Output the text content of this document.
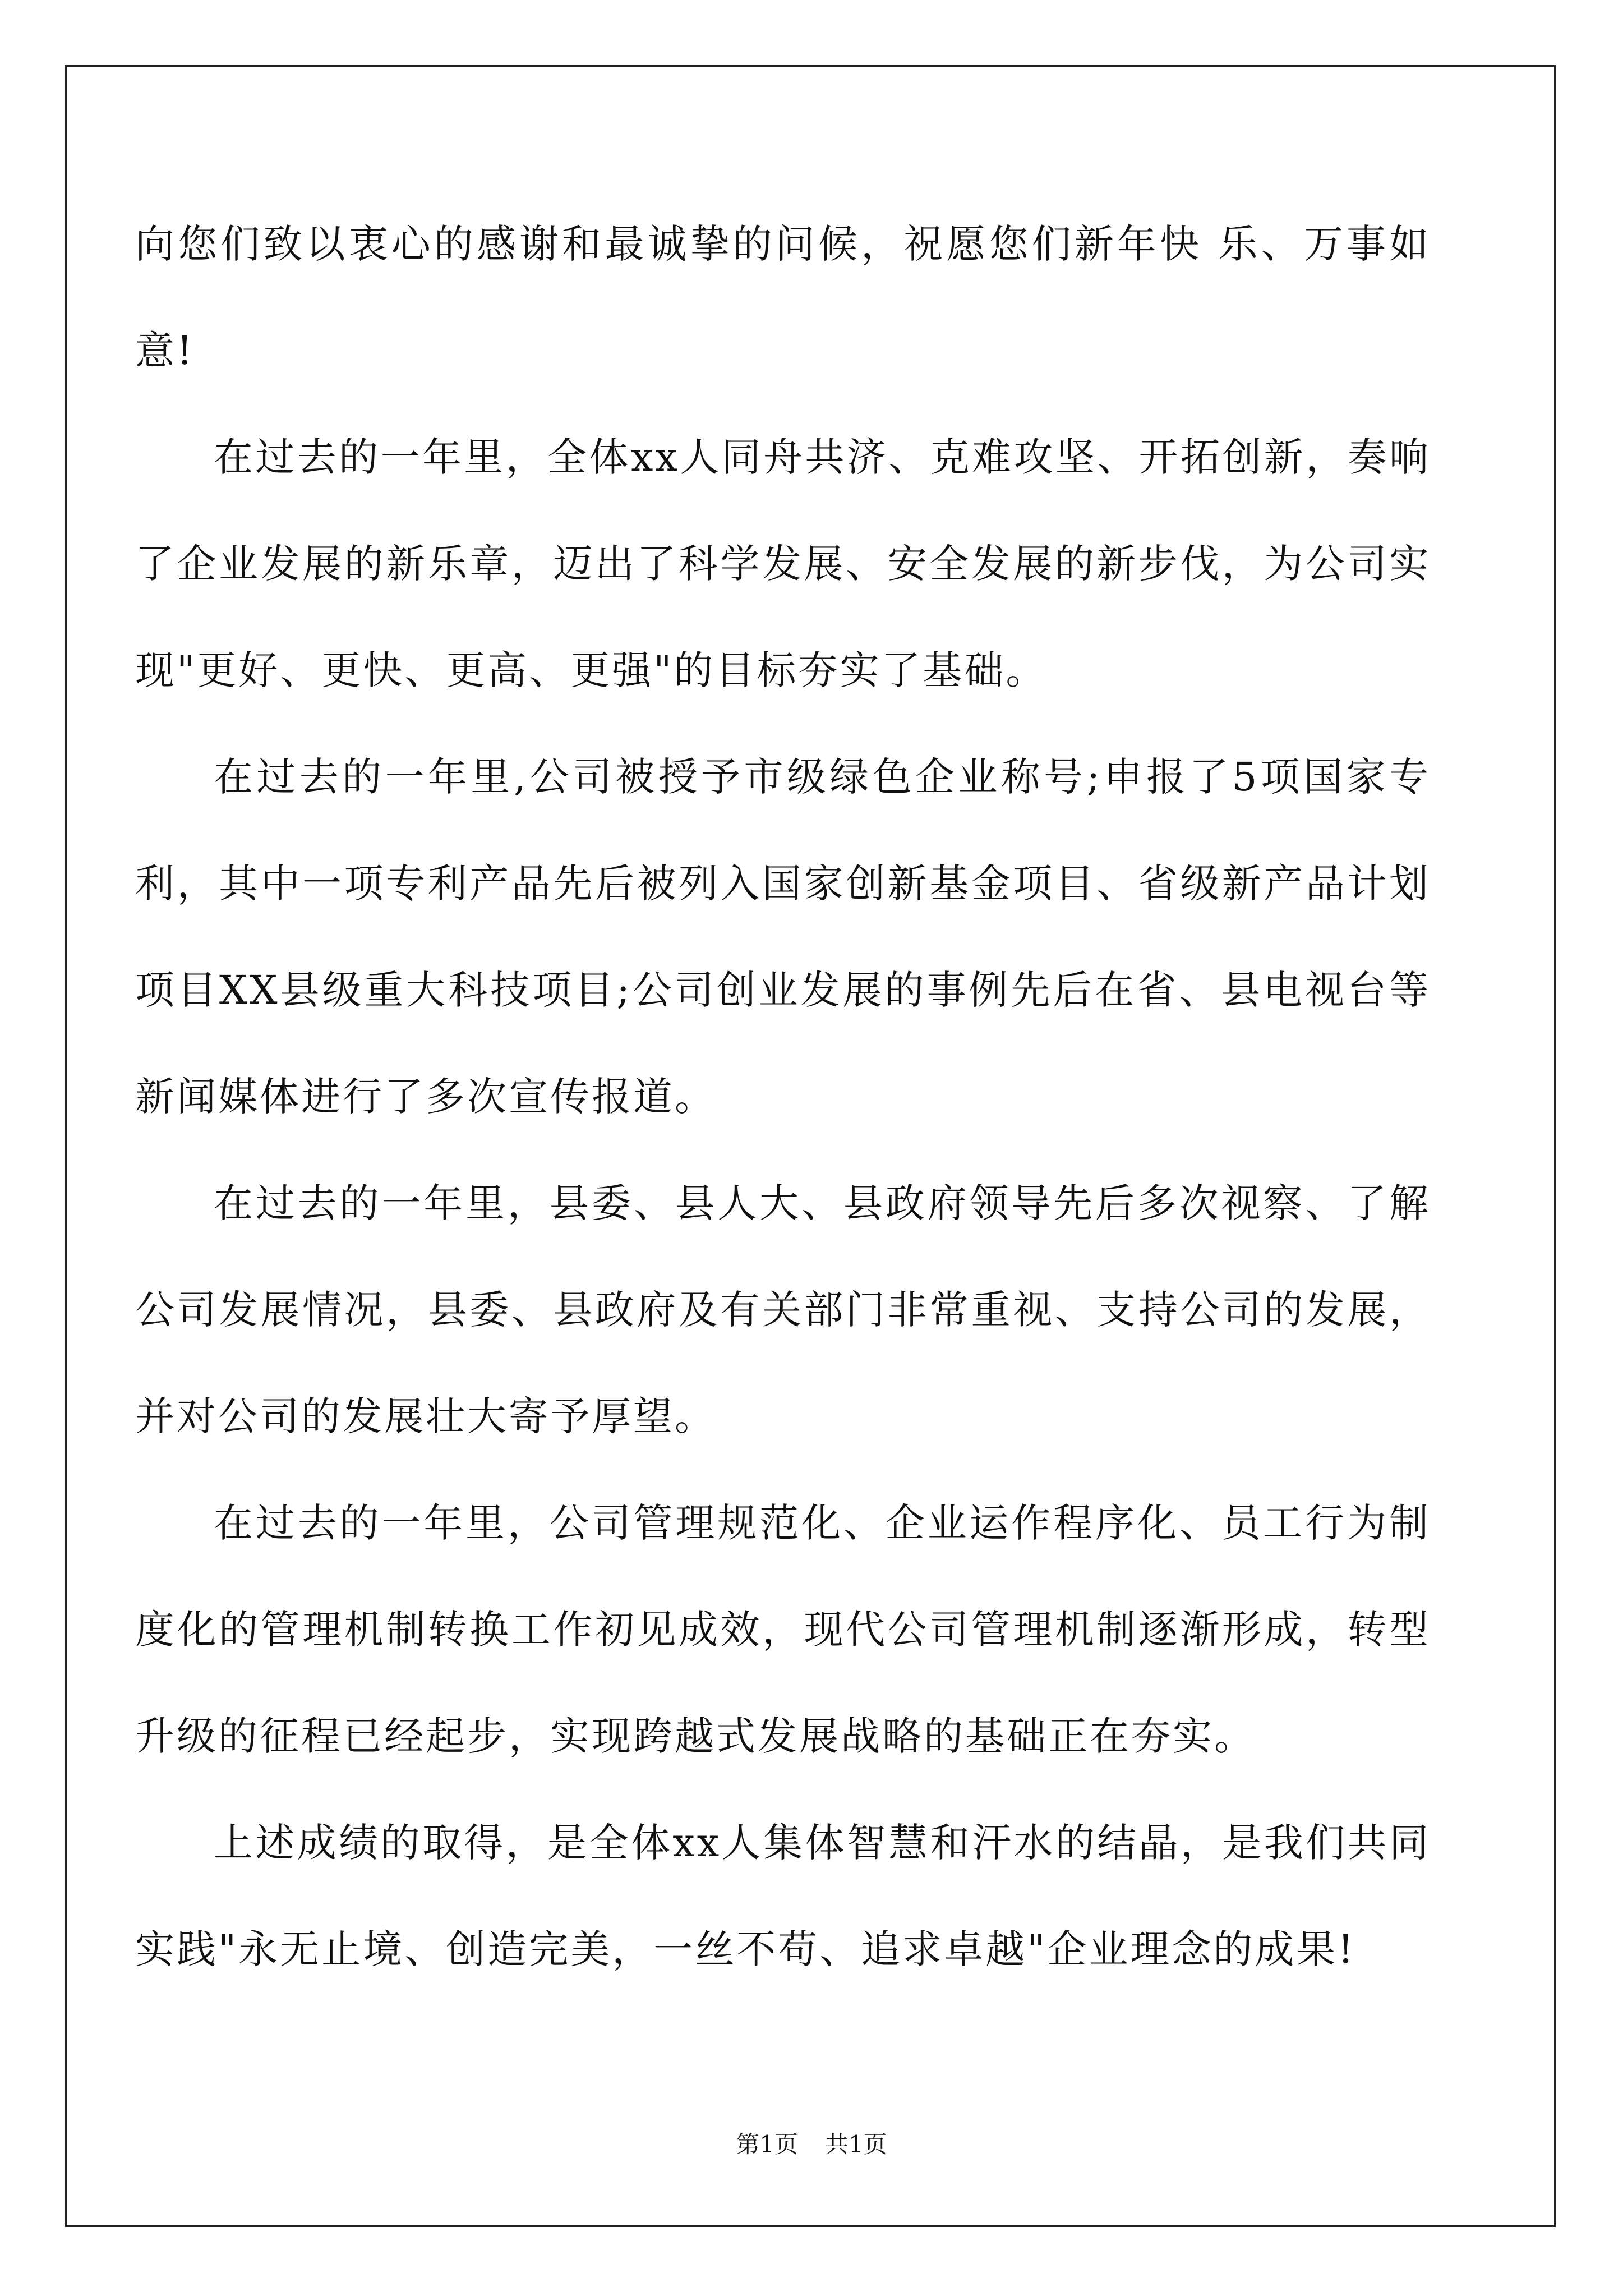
向您们致以衷心的感谢和最诚挚的问候，祝愿您们新年快 乐、万事如意!

在过去的一年里，全体xx人同舟共济、克难攻坚、开拓创新，奏响了企业发展的新乐章，迈出了科学发展、安全发展的新步伐，为公司实现"更好、更快、更高、更强"的目标夯实了基础。

在过去的一年里,公司被授予市级绿色企业称号;申报了5项国家专利，其中一项专利产品先后被列入国家创新基金项目、省级新产品计划项目XX县级重大科技项目;公司创业发展的事例先后在省、县电视台等新闻媒体进行了多次宣传报道。

在过去的一年里，县委、县人大、县政府领导先后多次视察、了解公司发展情况，县委、县政府及有关部门非常重视、支持公司的发展，并对公司的发展壮大寄予厚望。

在过去的一年里，公司管理规范化、企业运作程序化、员工行为制度化的管理机制转换工作初见成效，现代公司管理机制逐渐形成，转型升级的征程已经起步，实现跨越式发展战略的基础正在夯实。

上述成绩的取得，是全体xx人集体智慧和汗水的结晶，是我们共同实践"永无止境、创造完美，一丝不苟、追求卓越"企业理念的成果!

第1页 共1页
